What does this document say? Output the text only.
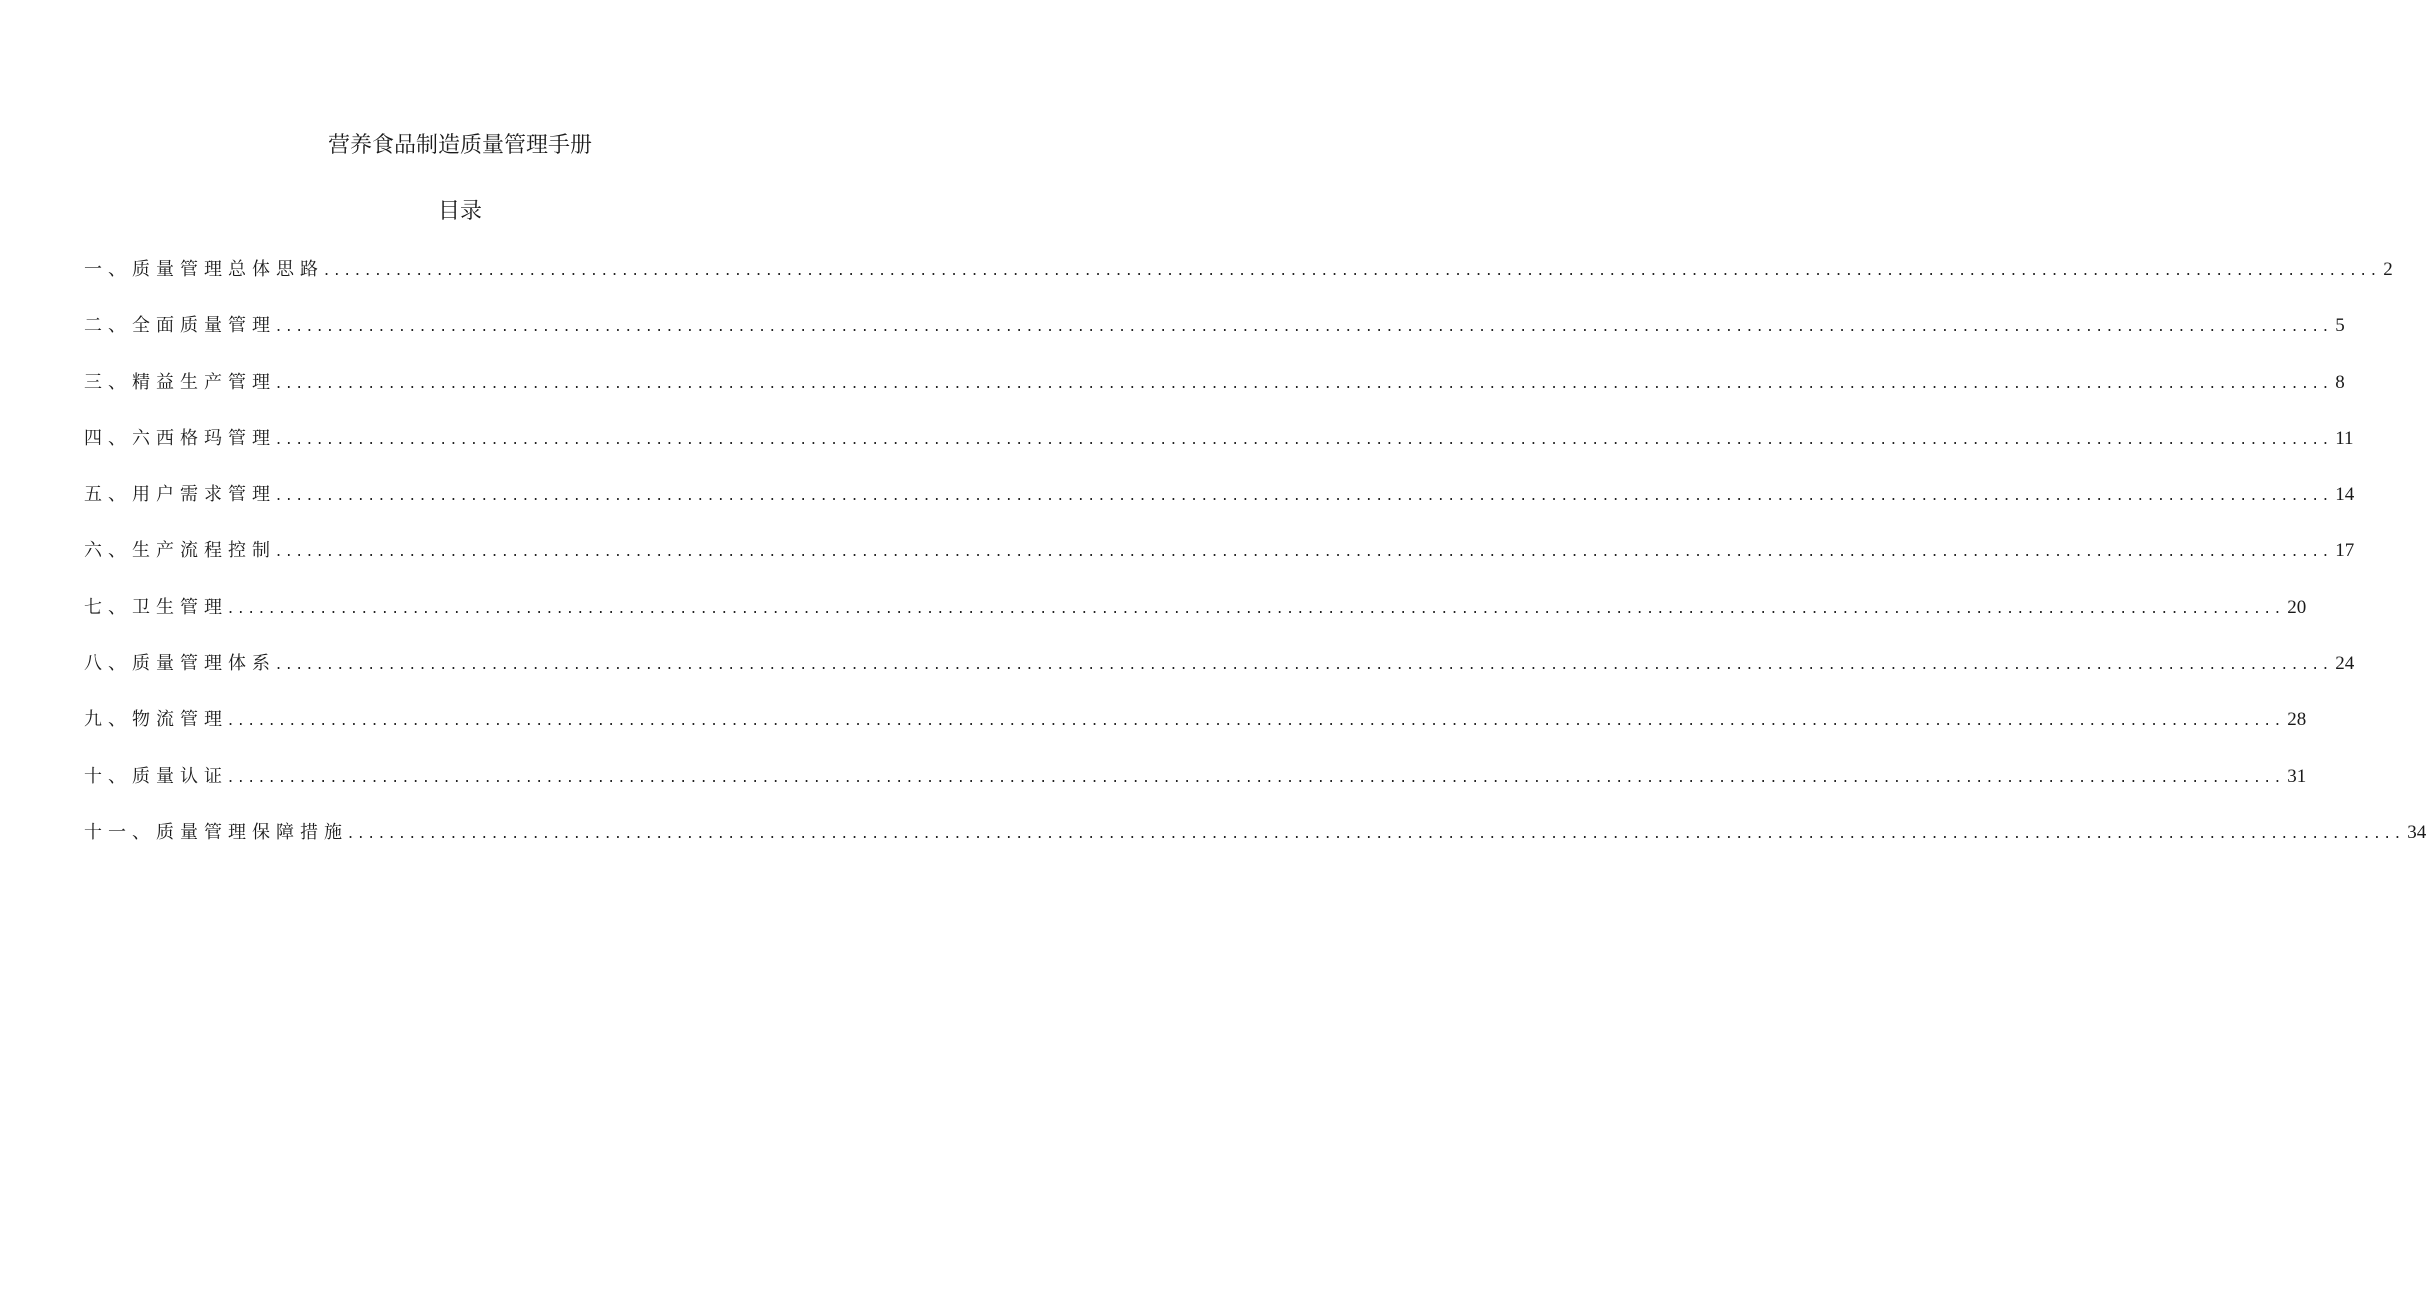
营养食品制造质量管理手册
目录
一、质量管理总体思路 ........................................................................................................................................................................................................ 2
二、全面质量管理 ........................................................................................................................................................................................................ 5
三、精益生产管理 ........................................................................................................................................................................................................ 8
四、六西格玛管理 ........................................................................................................................................................................................................ 11
五、用户需求管理 ........................................................................................................................................................................................................ 14
六、生产流程控制 ........................................................................................................................................................................................................ 17
七、卫生管理 ........................................................................................................................................................................................................ 20
八、质量管理体系 ........................................................................................................................................................................................................ 24
九、物流管理 ........................................................................................................................................................................................................ 28
十、质量认证 ........................................................................................................................................................................................................ 31
十一、质量管理保障措施 ........................................................................................................................................................................................................ 34
